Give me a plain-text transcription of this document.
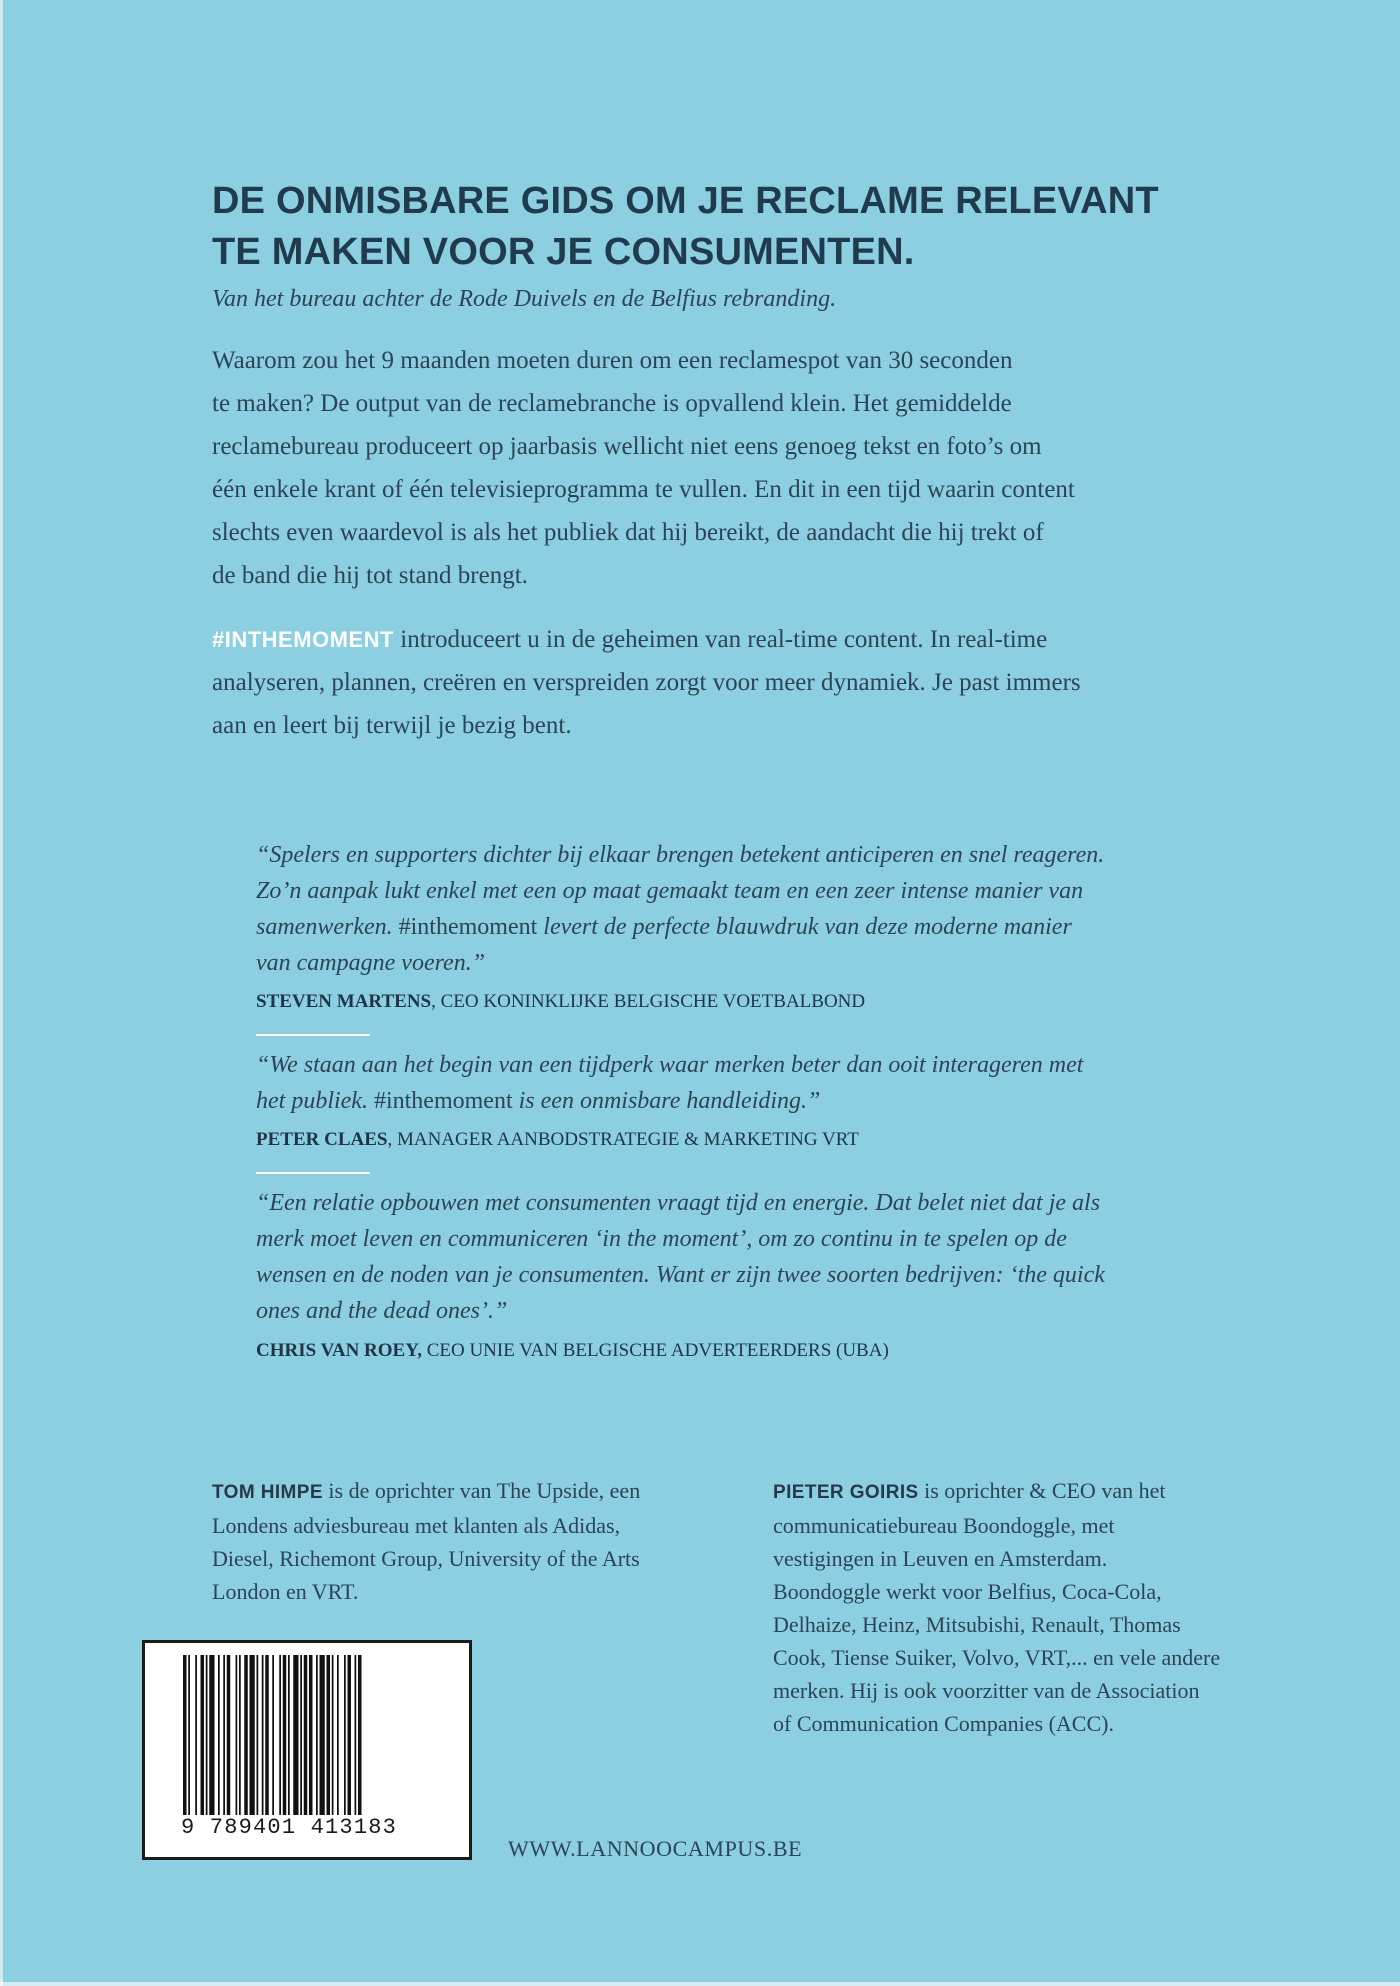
DE ONMISBARE GIDS OM JE RECLAME RELEVANT
TE MAKEN VOOR JE CONSUMENTEN.
Van het bureau achter de Rode Duivels en de Belfius rebranding.
Waarom zou het 9 maanden moeten duren om een reclamespot van 30 seconden
te maken? De output van de reclamebranche is opvallend klein. Het gemiddelde
reclamebureau produceert op jaarbasis wellicht niet eens genoeg tekst en foto’s om
één enkele krant of één televisieprogramma te vullen. En dit in een tijd waarin content
slechts even waardevol is als het publiek dat hij bereikt, de aandacht die hij trekt of
de band die hij tot stand brengt.
#INTHEMOMENT introduceert u in de geheimen van real-time content. In real-time
analyseren, plannen, creëren en verspreiden zorgt voor meer dynamiek. Je past immers
aan en leert bij terwijl je bezig bent.
“Spelers en supporters dichter bij elkaar brengen betekent anticiperen en snel reageren.
Zo’n aanpak lukt enkel met een op maat gemaakt team en een zeer intense manier van
samenwerken. #inthemoment levert de perfecte blauwdruk van deze moderne manier
van campagne voeren.”
STEVEN MARTENS, CEO KONINKLIJKE BELGISCHE VOETBALBOND
“We staan aan het begin van een tijdperk waar merken beter dan ooit interageren met
het publiek. #inthemoment is een onmisbare handleiding.”
PETER CLAES, MANAGER AANBODSTRATEGIE & MARKETING VRT
“Een relatie opbouwen met consumenten vraagt tijd en energie. Dat belet niet dat je als
merk moet leven en communiceren ‘in the moment’, om zo continu in te spelen op de
wensen en de noden van je consumenten. Want er zijn twee soorten bedrijven: ‘the quick
ones and the dead ones’.”
CHRIS VAN ROEY, CEO UNIE VAN BELGISCHE ADVERTEERDERS (UBA)
TOM HIMPE is de oprichter van The Upside, een
Londens adviesbureau met klanten als Adidas,
Diesel, Richemont Group, University of the Arts
London en VRT.
PIETER GOIRIS is oprichter & CEO van het
communicatiebureau Boondoggle, met
vestigingen in Leuven en Amsterdam.
Boondoggle werkt voor Belfius, Coca-Cola,
Delhaize, Heinz, Mitsubishi, Renault, Thomas
Cook, Tiense Suiker, Volvo, VRT,... en vele andere
merken. Hij is ook voorzitter van de Association
of Communication Companies (ACC).
9 789401 413183
WWW.LANNOOCAMPUS.BE
